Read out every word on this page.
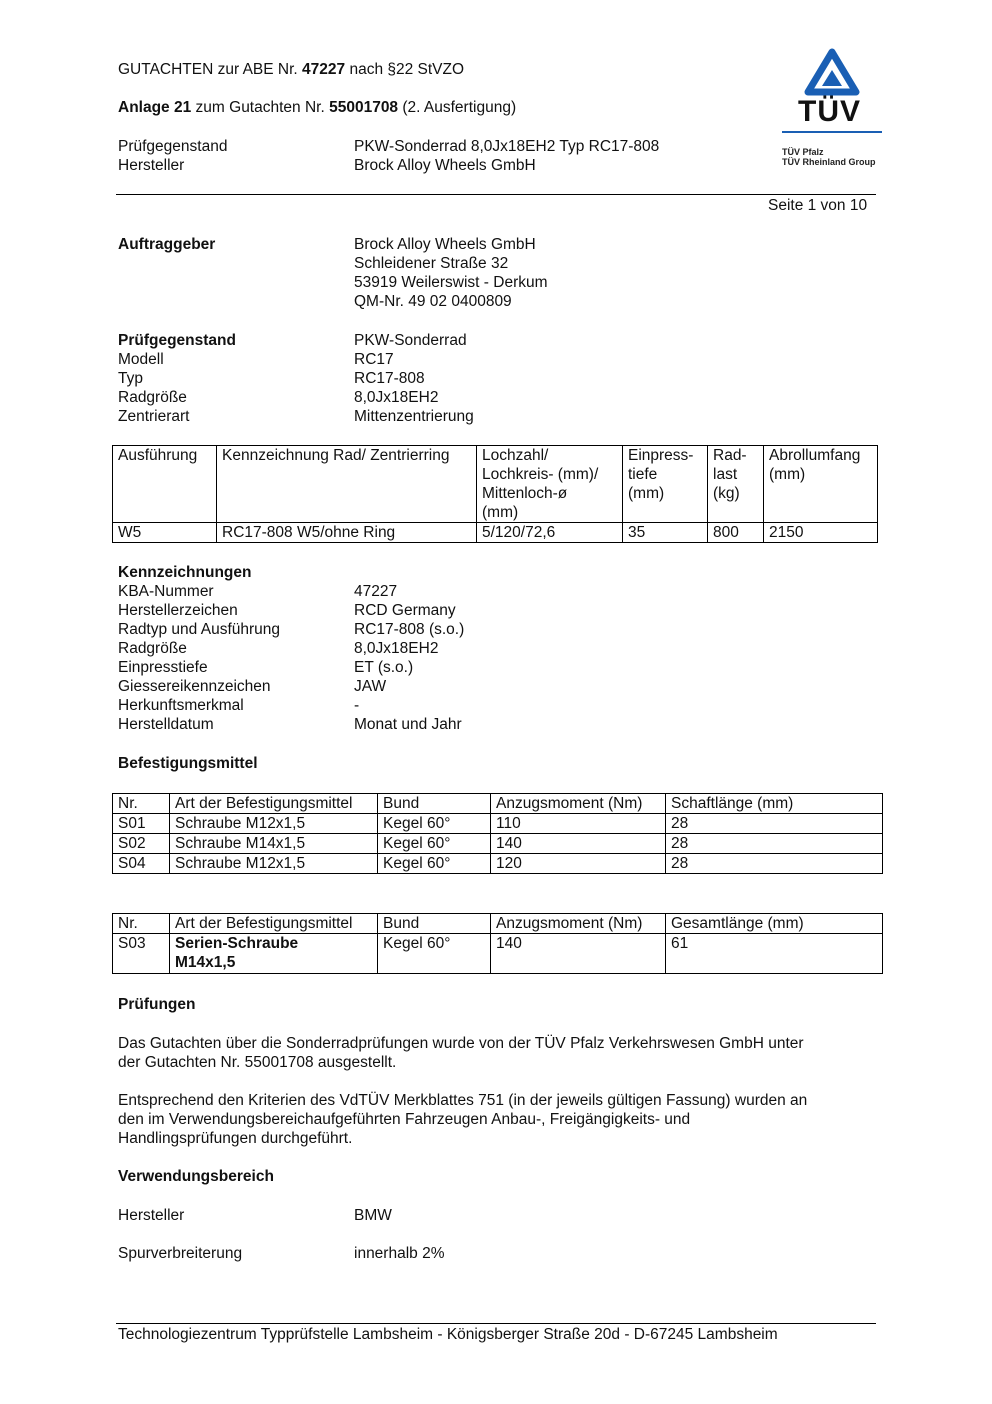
GUTACHTEN zur ABE Nr. 47227 nach §22 StVZO
Anlage 21 zum Gutachten Nr. 55001708 (2. Ausfertigung)
Prüfgegenstand	PKW-Sonderrad 8,0Jx18EH2 Typ RC17-808
Hersteller	Brock Alloy Wheels GmbH
Seite 1 von 10
TÜV
TÜV Pfalz
TÜV Rheinland Group
Auftraggeber	Brock Alloy Wheels GmbH
Schleidener Straße 32
53919 Weilerswist - Derkum
QM-Nr. 49 02 0400809
Prüfgegenstand	PKW-Sonderrad
Modell	RC17
Typ	RC17-808
Radgröße	8,0Jx18EH2
Zentrierart	Mittenzentrierung
Ausführung	Kennzeichnung Rad/ Zentrierring	Lochzahl/
Lochkreis- (mm)/
Mittenloch-ø
(mm)	Einpress-
tiefe
(mm)	Rad-
last
(kg)	Abrollumfang
(mm)
W5	RC17-808 W5/ohne Ring	5/120/72,6	35	800	2150
Kennzeichnungen
KBA-Nummer	47227
Herstellerzeichen	RCD Germany
Radtyp und Ausführung	RC17-808 (s.o.)
Radgröße	8,0Jx18EH2
Einpresstiefe	ET (s.o.)
Giessereikennzeichen	JAW
Herkunftsmerkmal	-
Herstelldatum	Monat und Jahr
Befestigungsmittel
Nr.	Art der Befestigungsmittel	Bund	Anzugsmoment (Nm)	Schaftlänge (mm)
S01	Schraube M12x1,5	Kegel 60°	110	28
S02	Schraube M14x1,5	Kegel 60°	140	28
S04	Schraube M12x1,5	Kegel 60°	120	28
Nr.	Art der Befestigungsmittel	Bund	Anzugsmoment (Nm)	Gesamtlänge (mm)
S03	Serien-Schraube
M14x1,5	Kegel 60°	140	61
Prüfungen
Das Gutachten über die Sonderradprüfungen wurde von der TÜV Pfalz Verkehrswesen GmbH unter
der Gutachten Nr. 55001708 ausgestellt.
Entsprechend den Kriterien des VdTÜV Merkblattes 751 (in der jeweils gültigen Fassung) wurden an
den im Verwendungsbereichaufgeführten Fahrzeugen Anbau-, Freigängigkeits- und
Handlingsprüfungen durchgeführt.
Verwendungsbereich
Hersteller	BMW
Spurverbreiterung	innerhalb 2%
Technologiezentrum Typprüfstelle Lambsheim - Königsberger Straße 20d - D-67245 Lambsheim
